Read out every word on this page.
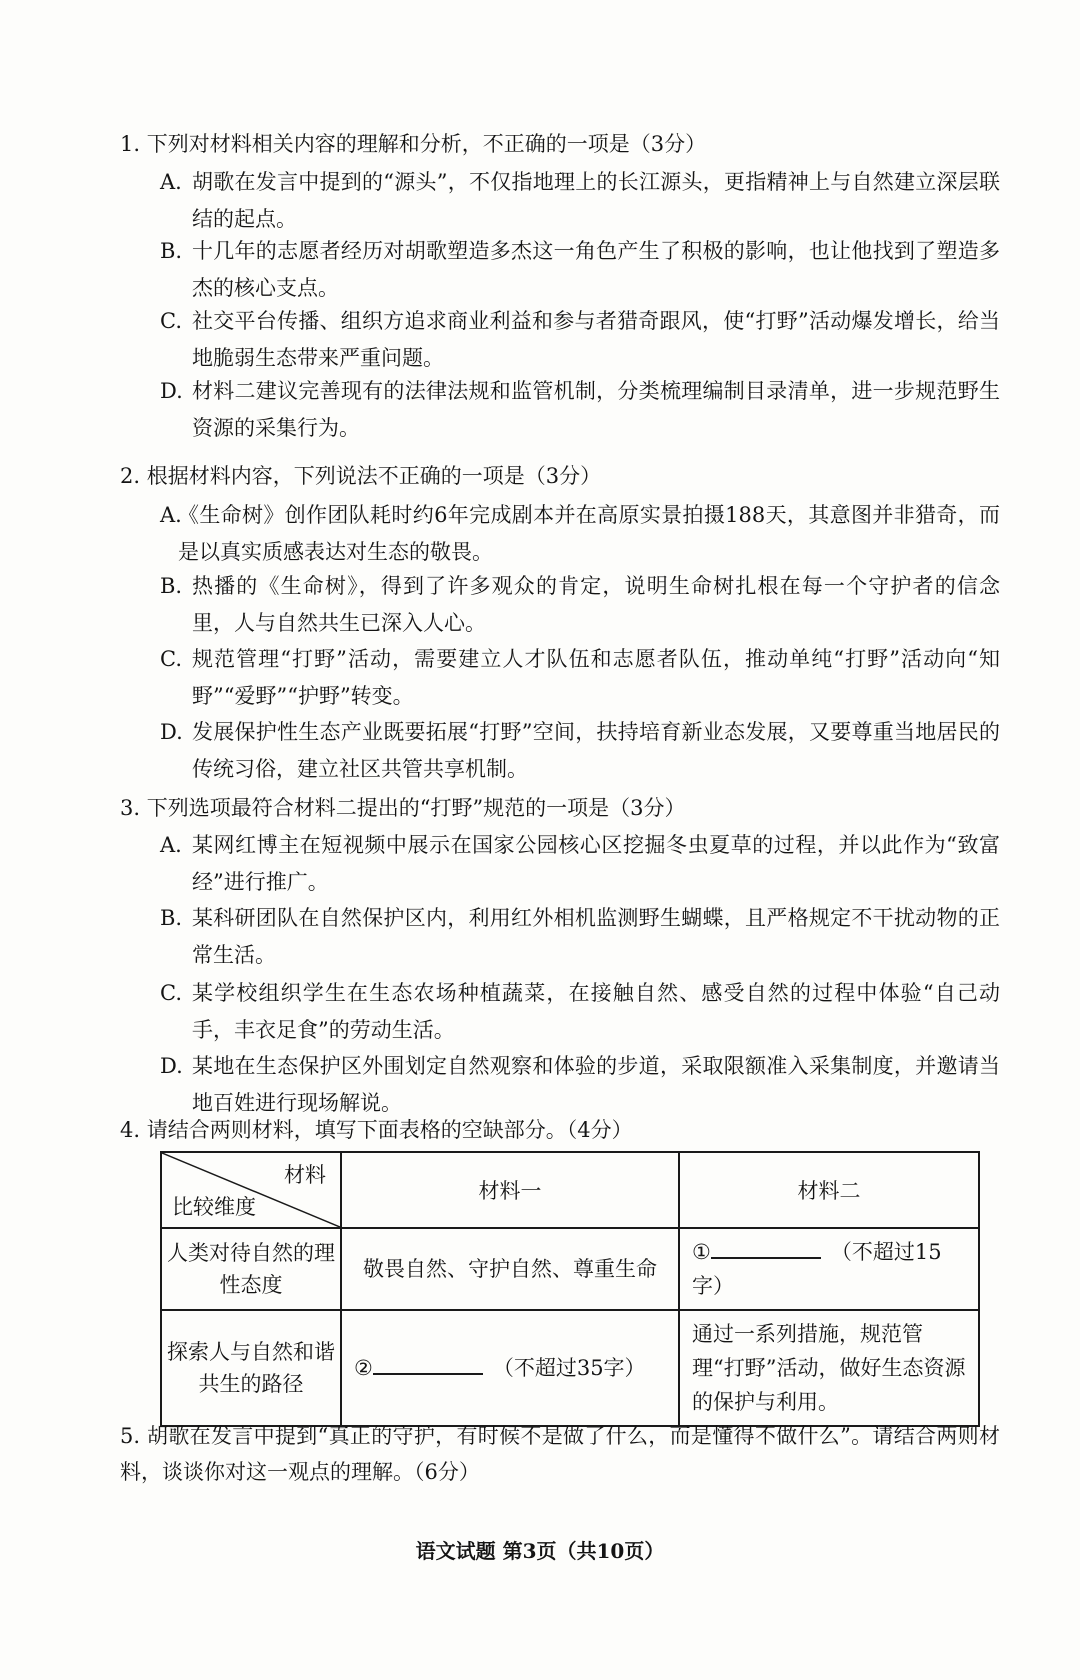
1. 下列对材料相关内容的理解和分析，不正确的一项是（3分）

A. 胡歌在发言中提到的“源头”，不仅指地理上的长江源头，更指精神上与自然建立深层联结的起点。
B. 十几年的志愿者经历对胡歌塑造多杰这一角色产生了积极的影响，也让他找到了塑造多杰的核心支点。
C. 社交平台传播、组织方追求商业利益和参与者猎奇跟风，使“打野”活动爆发增长，给当地脆弱生态带来严重问题。
D. 材料二建议完善现有的法律法规和监管机制，分类梳理编制目录清单，进一步规范野生资源的采集行为。

2. 根据材料内容，下列说法不正确的一项是（3分）

A.
《生命树》创作团队耗时约6年完成剧本并在高原实景拍摄188天，其意图并非猎奇，而是以真实质感表达对生态的敬畏。
B. 热播的《生命树》，得到了许多观众的肯定，说明生命树扎根在每一个守护者的信念里，人与自然共生已深入人心。
C. 规范管理“打野”活动，需要建立人才队伍和志愿者队伍，推动单纯“打野”活动向“知野”“爱野”“护野”转变。
D. 发展保护性生态产业既要拓展“打野”空间，扶持培育新业态发展，又要尊重当地居民的传统习俗，建立社区共管共享机制。

3. 下列选项最符合材料二提出的“打野”规范的一项是（3分）

A. 某网红博主在短视频中展示在国家公园核心区挖掘冬虫夏草的过程，并以此作为“致富经”进行推广。
B. 某科研团队在自然保护区内，利用红外相机监测野生蝴蝶，且严格规定不干扰动物的正常生活。
C. 某学校组织学生在生态农场种植蔬菜，在接触自然、感受自然的过程中体验“自己动手，丰衣足食”的劳动生活。
D. 某地在生态保护区外围划定自然观察和体验的步道，采取限额准入采集制度，并邀请当地百姓进行现场解说。

4. 请结合两则材料，填写下面表格的空缺部分。（4分）

材料
比较维度	材料一	材料二
人类对待自然的理性态度	敬畏自然、守护自然、尊重生命	① （不超过15字）
探索人与自然和谐共生的路径	② （不超过35字）	通过一系列措施，规范管理“打野”活动，做好生态资源的保护与利用。

5. 胡歌在发言中提到“真正的守护，有时候不是做了什么，而是懂得不做什么”。请结合两则材料，谈谈你对这一观点的理解。（6分）

语文试题 第3页（共10页）
